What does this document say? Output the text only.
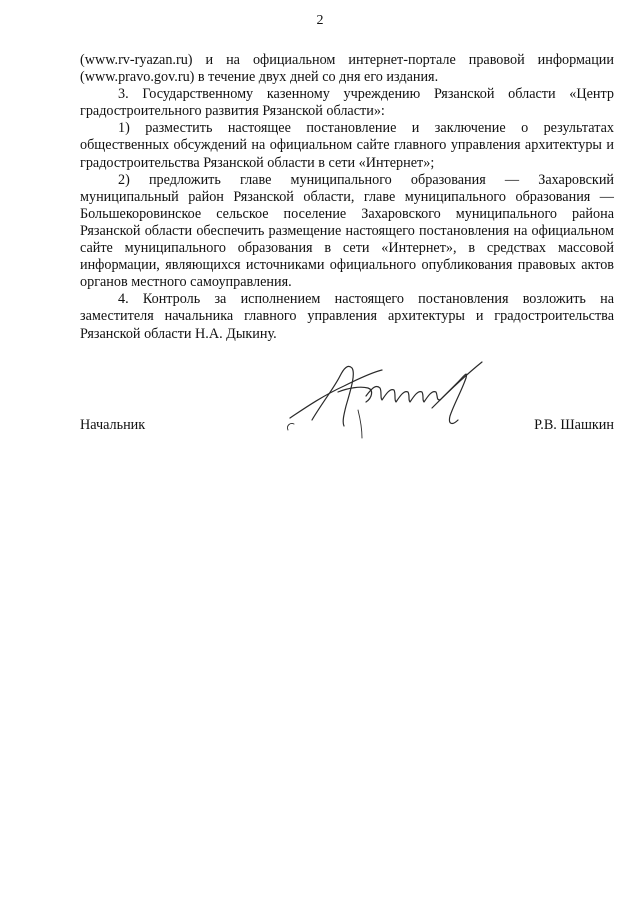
2

(www.rv-ryazan.ru) и на официальном интернет-портале правовой информации (www.pravo.gov.ru) в течение двух дней со дня его издания.

3. Государственному казенному учреждению Рязанской области «Центр градостроительного развития Рязанской области»:

1) разместить настоящее постановление и заключение о результатах общественных обсуждений на официальном сайте главного управления архитектуры и градостроительства Рязанской области в сети «Интернет»;

2) предложить главе муниципального образования — Захаровский муниципальный район Рязанской области, главе муниципального образования — Большекоровинское сельское поселение Захаровского муниципального района Рязанской области обеспечить размещение настоящего постановления на официальном сайте муниципального образования в сети «Интернет», в средствах массовой информации, являющихся источниками официального опубликования правовых актов органов местного самоуправления.

4. Контроль за исполнением настоящего постановления возложить на заместителя начальника главного управления архитектуры и градостроительства Рязанской области Н.А. Дыкину.

Начальник	Р.В. Шашкин
